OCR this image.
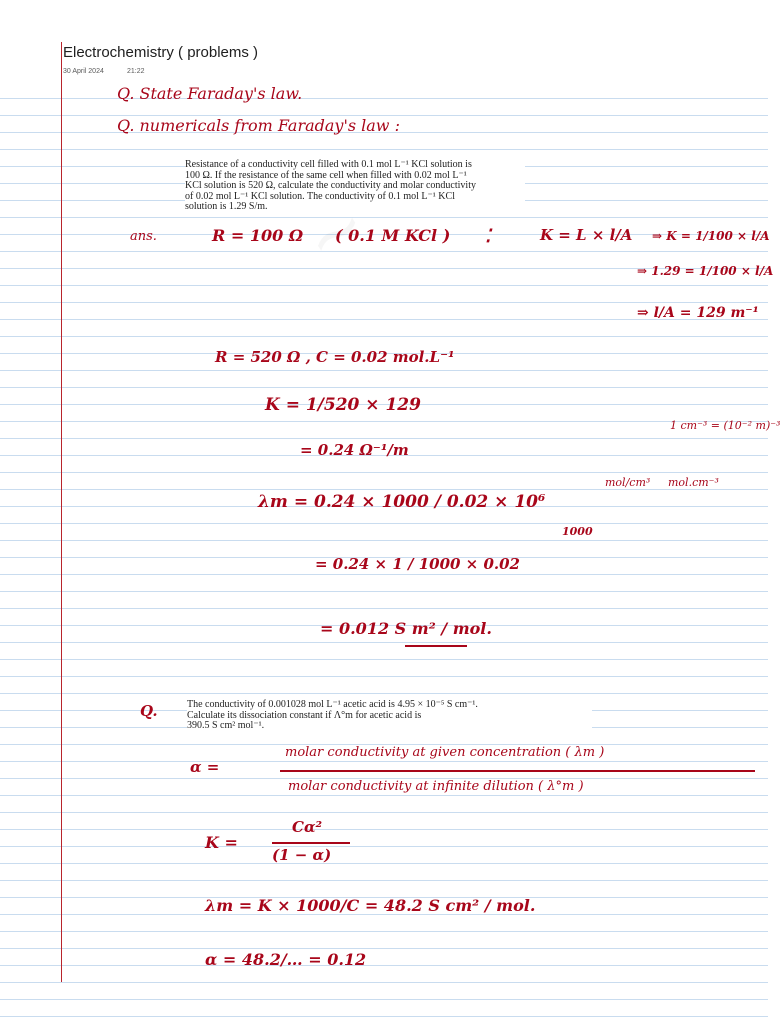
Electrochemistry ( problems )
30 April 2024	21:22
Q. State Faraday's law.
Q. numericals from Faraday's law :
Resistance of a conductivity cell filled with 0.1 mol L⁻¹ KCl solution is
100 Ω. If the resistance of the same cell when filled with 0.02 mol L⁻¹
KCl solution is 520 Ω, calculate the conductivity and molar conductivity
of 0.02 mol L⁻¹ KCl solution. The conductivity of 0.1 mol L⁻¹ KCl
solution is 1.29 S/m.
ans.	R = 100 Ω ( 0.1 M KCl ) ⁚	K = L × l/A ⇒ K = 1/100 × l/A
⇒ 1.29 = 1/100 × l/A
⇒ l/A = 129 m⁻¹
R = 520 Ω , C = 0.02 mol.L⁻¹
K = 1/520 × 129
= 0.24 Ω⁻¹/m
1 cm⁻³ = (10⁻² m)⁻³
mol/cm³ mol.cm⁻³
λm = 0.24 × 1000 / 0.02 × 10⁶
1000
= 0.24 × 1 / 1000 × 0.02
= 0.012 S m² / mol.
Q.	The conductivity of 0.001028 mol L⁻¹ acetic acid is 4.95 × 10⁻⁵ S cm⁻¹.
Calculate its dissociation constant if Λ°m for acetic acid is
390.5 S cm² mol⁻¹.
α =
molar conductivity at given concentration ( λm )
molar conductivity at infinite dilution ( λ°m )
K =
Cα²
(1 − α)
λm = K × 1000/C = 48.2 S cm² / mol.
α = 48.2/… = 0.12
